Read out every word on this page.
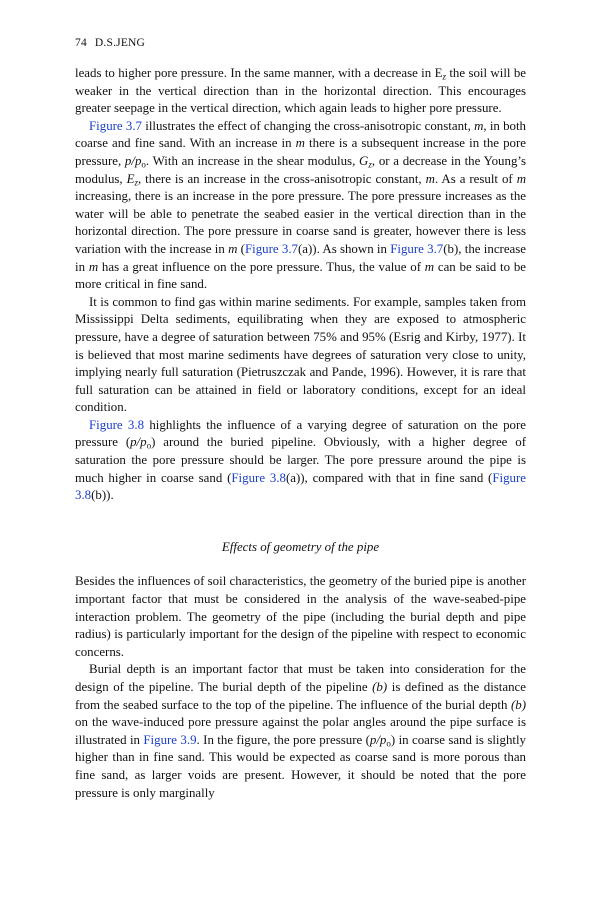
74 D.S.JENG

leads to higher pore pressure. In the same manner, with a decrease in $E_z$ the soil will be weaker in the vertical direction than in the horizontal direction. This encourages greater seepage in the vertical direction, which again leads to higher pore pressure.

Figure 3.7 illustrates the effect of changing the cross-anisotropic constant, m, in both coarse and fine sand. With an increase in m there is a subsequent increase in the pore pressure, $p/p_o$. With an increase in the shear modulus, $G_z$, or a decrease in the Young’s modulus, $E_z$, there is an increase in the cross-anisotropic constant, m. As a result of m increasing, there is an increase in the pore pressure. The pore pressure increases as the water will be able to penetrate the seabed easier in the vertical direction than in the horizontal direction. The pore pressure in coarse sand is greater, however there is less variation with the increase in m (Figure 3.7(a)). As shown in Figure 3.7(b), the increase in m has a great influence on the pore pressure. Thus, the value of m can be said to be more critical in fine sand.

It is common to find gas within marine sediments. For example, samples taken from Mississippi Delta sediments, equilibrating when they are exposed to atmospheric pressure, have a degree of saturation between 75% and 95% (Esrig and Kirby, 1977). It is believed that most marine sediments have degrees of saturation very close to unity, implying nearly full saturation (Pietruszczak and Pande, 1996). However, it is rare that full saturation can be attained in field or laboratory conditions, except for an ideal condition.

Figure 3.8 highlights the influence of a varying degree of saturation on the pore pressure $(p/p_o)$ around the buried pipeline. Obviously, with a higher degree of saturation the pore pressure should be larger. The pore pressure around the pipe is much higher in coarse sand (Figure 3.8(a)), compared with that in fine sand (Figure 3.8(b)).

Effects of geometry of the pipe

Besides the influences of soil characteristics, the geometry of the buried pipe is another important factor that must be considered in the analysis of the wave-seabed-pipe interaction problem. The geometry of the pipe (including the burial depth and pipe radius) is particularly important for the design of the pipeline with respect to economic concerns.

Burial depth is an important factor that must be taken into consideration for the design of the pipeline. The burial depth of the pipeline (b) is defined as the distance from the seabed surface to the top of the pipeline. The influence of the burial depth (b) on the wave-induced pore pressure against the polar angles around the pipe surface is illustrated in Figure 3.9. In the figure, the pore pressure $(p/p_o)$ in coarse sand is slightly higher than in fine sand. This would be expected as coarse sand is more porous than fine sand, as larger voids are present. However, it should be noted that the pore pressure is only marginally
